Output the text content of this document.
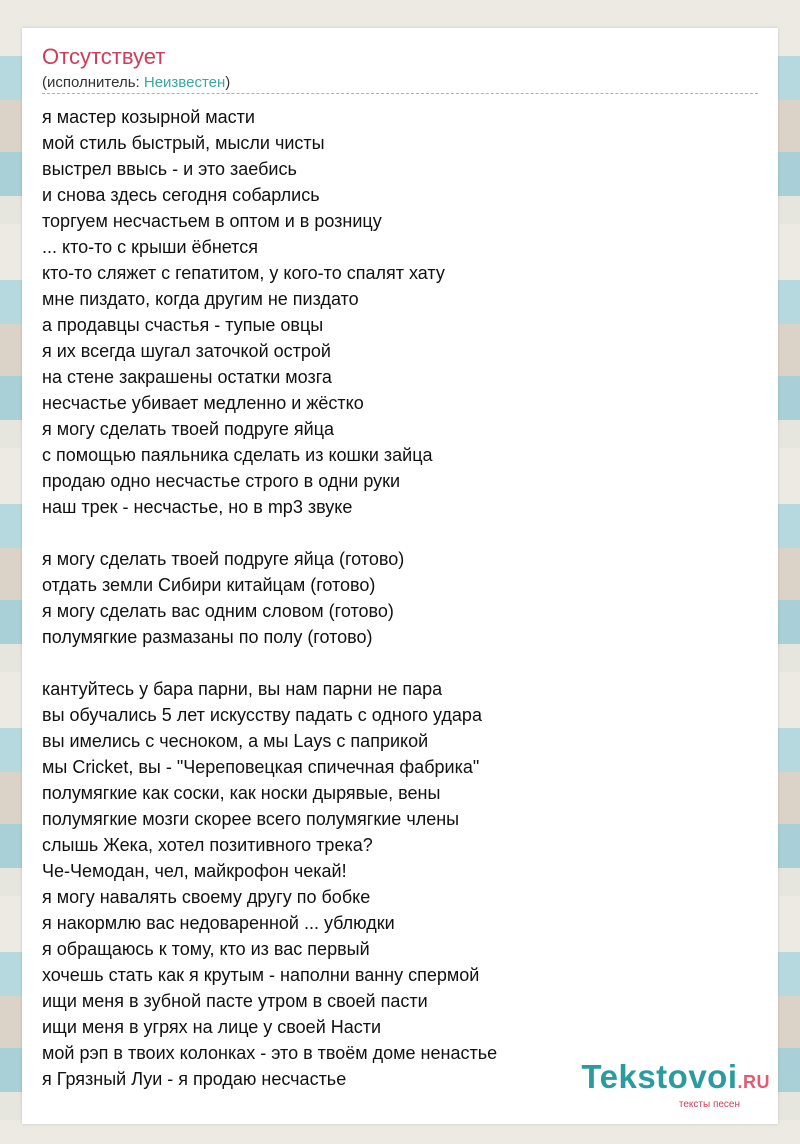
Отсутствует
(исполнитель: Неизвестен)
я мастер козырной масти
мой стиль быстрый, мысли чисты
выстрел ввысь - и это заебись
и снова здесь сегодня собарлись
торгуем несчастьем в оптом и в розницу
... кто-то с крыши ёбнется
кто-то сляжет с гепатитом, у кого-то спалят хату
мне пиздато, когда другим не пиздато
а продавцы счастья - тупые овцы
я их всегда шугал заточкой острой
на стене закрашены остатки мозга
несчастье убивает медленно и жёстко
я могу сделать твоей подруге яйца
с помощью паяльника сделать из кошки зайца
продаю одно несчастье строго в одни руки
наш трек - несчастье, но в mp3 звуке
я могу сделать твоей подруге яйца (готово)
отдать земли Сибири китайцам (готово)
я могу сделать вас одним словом (готово)
полумягкие размазаны по полу (готово)
кантуйтесь у бара парни, вы нам парни не пара
вы обучались 5 лет искусству падать с одного удара
вы имелись с чесноком, а мы Lays с паприкой
мы Cricket, вы - "Череповецкая спичечная фабрика"
полумягкие как соски, как носки дырявые, вены
полумягкие мозги скорее всего полумягкие члены
слышь Жека, хотел позитивного трека?
Че-Чемодан, чел, майкрофон чекай!
я могу навалять своему другу по бобке
я накормлю вас недоваренной ... ублюдки
я обращаюсь к тому, кто из вас первый
хочешь стать как я крутым - наполни ванну спермой
ищи меня в зубной пасте утром в своей пасти
ищи меня в угрях на лице у своей Насти
мой рэп в твоих колонках - это в твоём доме ненастье
я Грязный Луи - я продаю несчастье	Tekstovoi.RU
тексты песен
